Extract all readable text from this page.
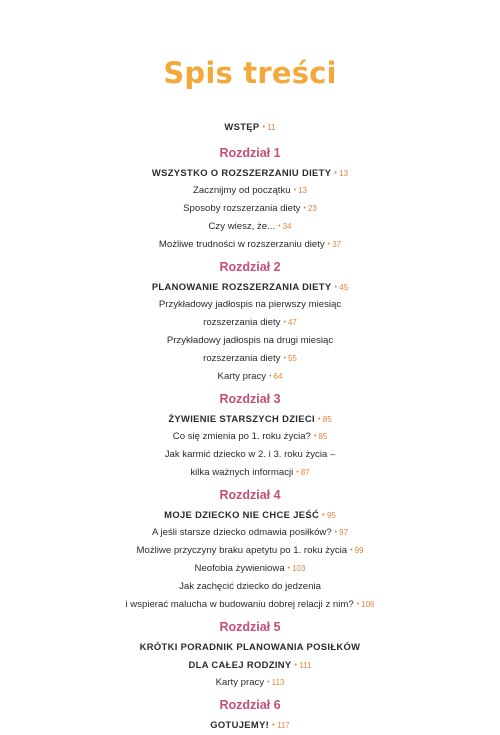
Spis treści
WSTĘP • 11
Rozdział 1
WSZYSTKO O ROZSZERZANIU DIETY • 13
Zacznijmy od początku • 13
Sposoby rozszerzania diety • 23
Czy wiesz, że... • 34
Możliwe trudności w rozszerzaniu diety • 37
Rozdział 2
PLANOWANIE ROZSZERZANIA DIETY • 45
Przykładowy jadłospis na pierwszy miesiąc
rozszerzania diety • 47
Przykładowy jadłospis na drugi miesiąc
rozszerzania diety • 55
Karty pracy • 64
Rozdział 3
ŻYWIENIE STARSZYCH DZIECI • 85
Co się zmienia po 1. roku życia? • 85
Jak karmić dziecko w 2. i 3. roku życia –
kilka ważnych informacji • 87
Rozdział 4
MOJE DZIECKO NIE CHCE JEŚĆ • 95
A jeśli starsze dziecko odmawia posiłków? • 97
Możliwe przyczyny braku apetytu po 1. roku życia • 99
Neofobia żywieniowa • 103
Jak zachęcić dziecko do jedzenia
i wspierać malucha w budowaniu dobrej relacji z nim? • 106
Rozdział 5
KRÓTKI PORADNIK PLANOWANIA POSIŁKÓW
DLA CAŁEJ RODZINY • 111
Karty pracy • 113
Rozdział 6
GOTUJEMY! • 117
